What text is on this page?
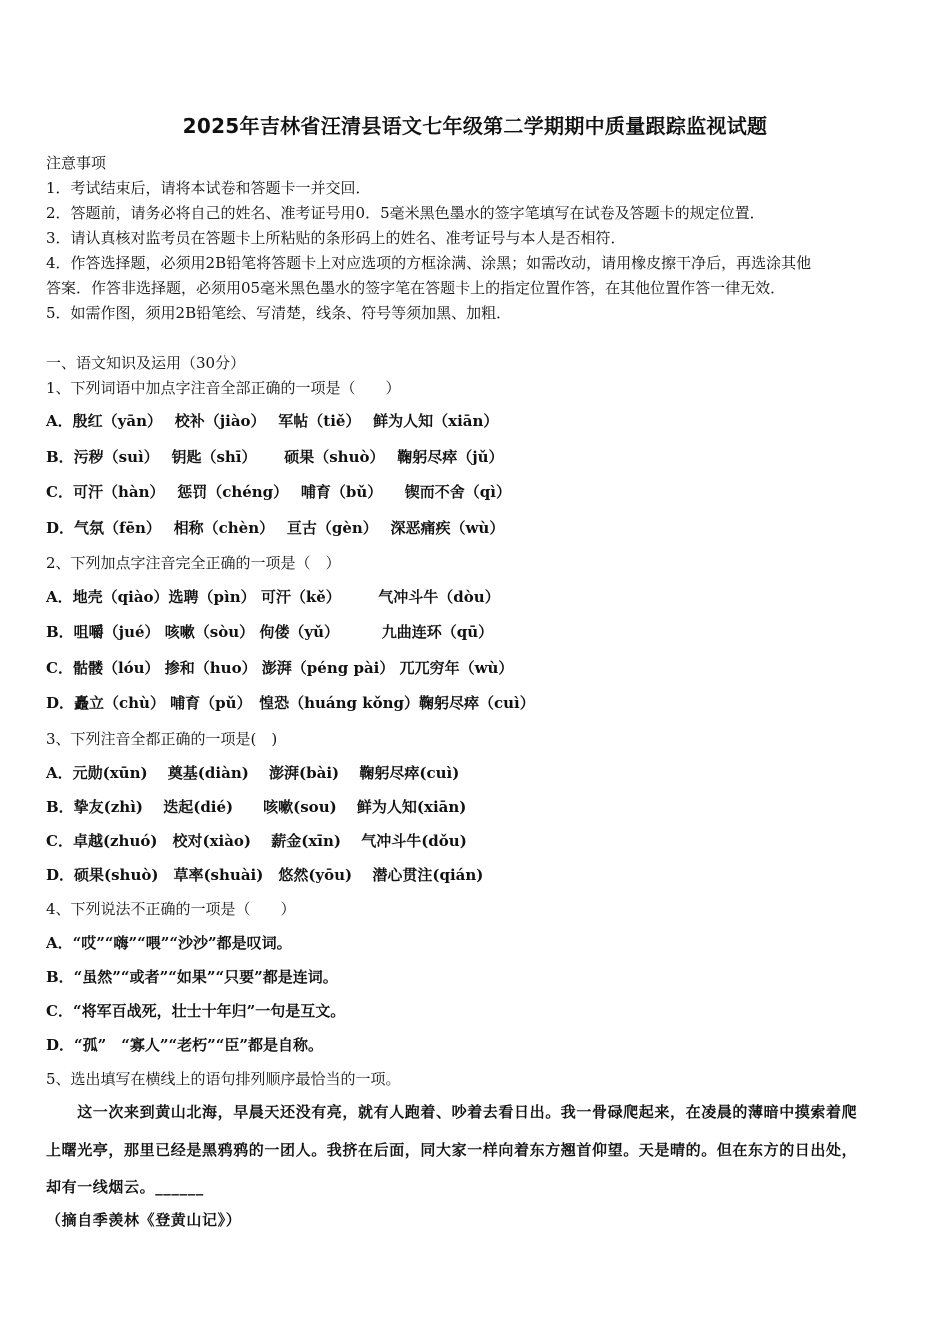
2025年吉林省汪清县语文七年级第二学期期中质量跟踪监视试题
注意事项
1．考试结束后，请将本试卷和答题卡一并交回．
2．答题前，请务必将自己的姓名、准考证号用0．5毫米黑色墨水的签字笔填写在试卷及答题卡的规定位置．
3．请认真核对监考员在答题卡上所粘贴的条形码上的姓名、准考证号与本人是否相符．
4．作答选择题，必须用2B铅笔将答题卡上对应选项的方框涂满、涂黑；如需改动，请用橡皮擦干净后，再选涂其他
答案．作答非选择题，必须用05毫米黑色墨水的签字笔在答题卡上的指定位置作答，在其他位置作答一律无效．
5．如需作图，须用2B铅笔绘、写清楚，线条、符号等须加黑、加粗．
一、语文知识及运用（30分）
1、下列词语中加点字注音全部正确的一项是（　　）
A．殷红（yān）　 校补（jiào）　 军帖（tiě）　 鲜为人知（xiān）
B．污秽（suì）　 钥匙（shī）　　 硕果（shuò）　 鞠躬尽瘁（jǔ）
C．可汗（hàn）　 惩罚（chéng）　 哺育（bǔ）　　锲而不舍（qì）
D．气氛（fēn）　 相称（chèn）　 亘古（gèn）　 深恶痛疾（wù）
2、下列加点字注音完全正确的一项是（　）
A．地壳（qiào）选聘（pìn） 可汗（kě）　　　气冲斗牛（dòu）
B．咀嚼（jué） 咳嗽（sòu） 佝偻（yǔ）　　　 九曲连环（qū）
C．骷髅（lóu） 掺和（huo） 澎湃（péng pài） 兀兀穷年（wù）
D．矗立（chù） 哺育（pǔ）　惶恐（huáng kǒng）鞠躬尽瘁（cuì）
3、下列注音全都正确的一项是(　)
A．元勋(xūn)　 奠基(diàn)　 澎湃(bài)　 鞠躬尽瘁(cuì)
B．挚友(zhì)　 迭起(dié)　　咳嗽(sou)　 鲜为人知(xiān)
C．卓越(zhuó)　校对(xiào)　 薪金(xīn)　 气冲斗牛(dǒu)
D．硕果(shuò)　草率(shuài)　悠然(yōu)　 潜心贯注(qián)
4、下列说法不正确的一项是（　　）
A．“哎”“嗨”“喂”“沙沙”都是叹词。
B．“虽然”“或者”“如果”“只要”都是连词。
C．“将军百战死，壮士十年归”一句是互文。
D．“孤”　“寡人”“老朽”“臣”都是自称。
5、选出填写在横线上的语句排列顺序最恰当的一项。
　　这一次来到黄山北海，早晨天还没有亮，就有人跑着、吵着去看日出。我一骨碌爬起来，在凌晨的薄暗中摸索着爬
上曙光亭，那里已经是黑鸦鸦的一团人。我挤在后面，同大家一样向着东方翘首仰望。天是晴的。但在东方的日出处，
却有一线烟云。______
（摘自季羡林《登黄山记》）
